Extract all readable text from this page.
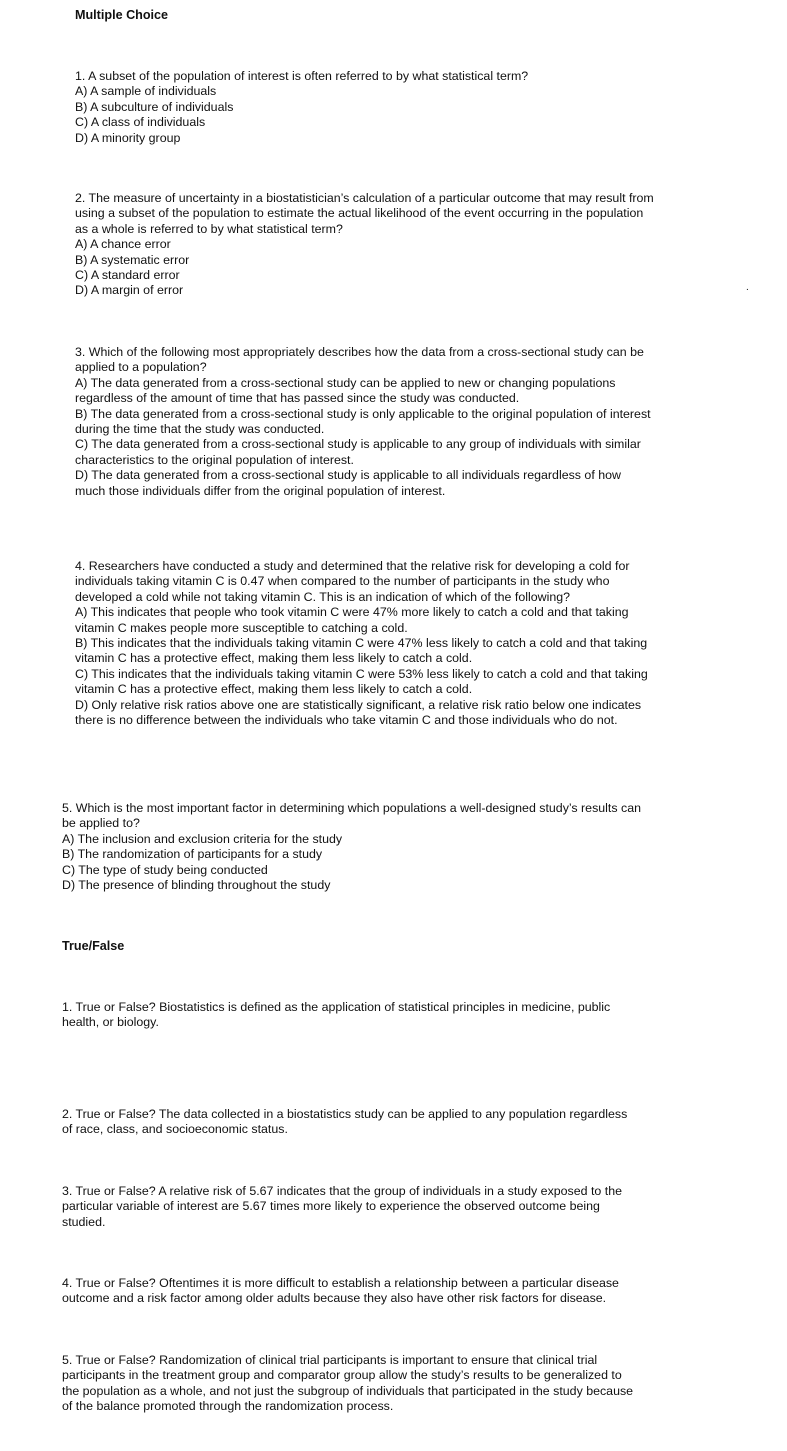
Multiple Choice
1. A subset of the population of interest is often referred to by what statistical term?
A) A sample of individuals
B) A subculture of individuals
C) A class of individuals
D) A minority group
2. The measure of uncertainty in a biostatistician’s calculation of a particular outcome that may result from
using a subset of the population to estimate the actual likelihood of the event occurring in the population
as a whole is referred to by what statistical term?
A) A chance error
B) A systematic error
C) A standard error
D) A margin of error	.
3. Which of the following most appropriately describes how the data from a cross-sectional study can be
applied to a population?
A) The data generated from a cross-sectional study can be applied to new or changing populations
regardless of the amount of time that has passed since the study was conducted.
B) The data generated from a cross-sectional study is only applicable to the original population of interest
during the time that the study was conducted.
C) The data generated from a cross-sectional study is applicable to any group of individuals with similar
characteristics to the original population of interest.
D) The data generated from a cross-sectional study is applicable to all individuals regardless of how
much those individuals differ from the original population of interest.
4. Researchers have conducted a study and determined that the relative risk for developing a cold for
individuals taking vitamin C is 0.47 when compared to the number of participants in the study who
developed a cold while not taking vitamin C. This is an indication of which of the following?
A) This indicates that people who took vitamin C were 47% more likely to catch a cold and that taking
vitamin C makes people more susceptible to catching a cold.
B) This indicates that the individuals taking vitamin C were 47% less likely to catch a cold and that taking
vitamin C has a protective effect, making them less likely to catch a cold.
C) This indicates that the individuals taking vitamin C were 53% less likely to catch a cold and that taking
vitamin C has a protective effect, making them less likely to catch a cold.
D) Only relative risk ratios above one are statistically significant, a relative risk ratio below one indicates
there is no difference between the individuals who take vitamin C and those individuals who do not.
5. Which is the most important factor in determining which populations a well-designed study’s results can
be applied to?
A) The inclusion and exclusion criteria for the study
B) The randomization of participants for a study
C) The type of study being conducted
D) The presence of blinding throughout the study
True/False
1. True or False? Biostatistics is defined as the application of statistical principles in medicine, public
health, or biology.
2. True or False? The data collected in a biostatistics study can be applied to any population regardless
of race, class, and socioeconomic status.
3. True or False? A relative risk of 5.67 indicates that the group of individuals in a study exposed to the
particular variable of interest are 5.67 times more likely to experience the observed outcome being
studied.
4. True or False? Oftentimes it is more difficult to establish a relationship between a particular disease
outcome and a risk factor among older adults because they also have other risk factors for disease.
5. True or False? Randomization of clinical trial participants is important to ensure that clinical trial
participants in the treatment group and comparator group allow the study’s results to be generalized to
the population as a whole, and not just the subgroup of individuals that participated in the study because
of the balance promoted through the randomization process.
